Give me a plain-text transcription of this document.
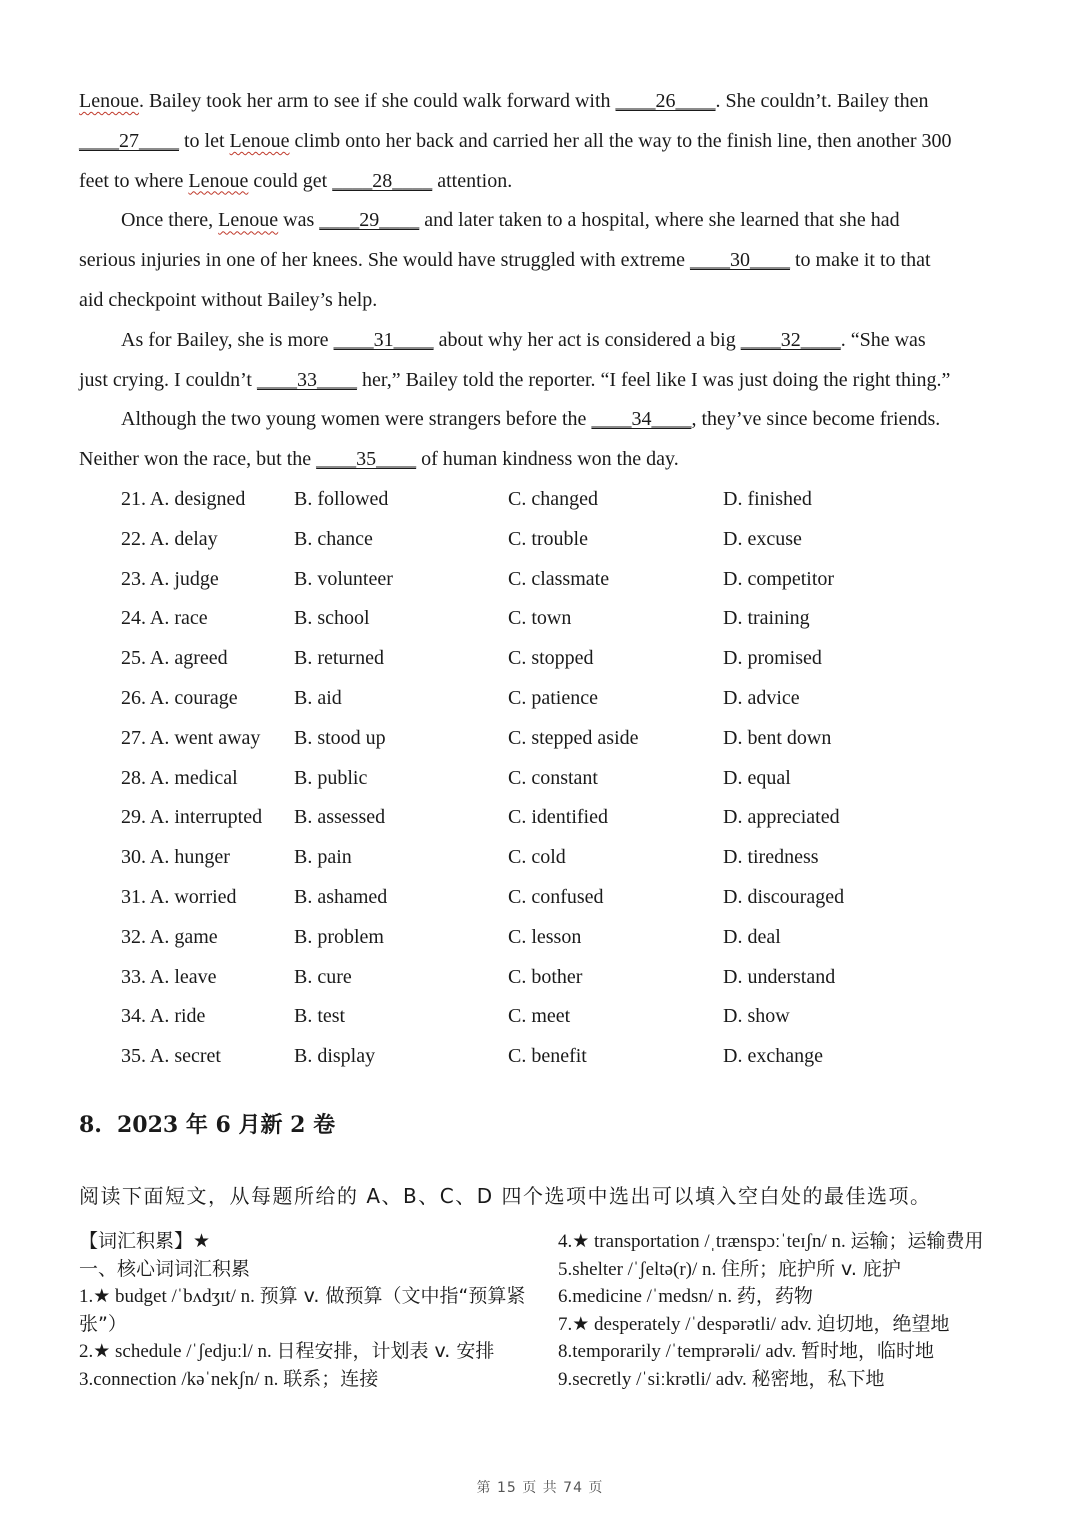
Lenoue. Bailey took her arm to see if she could walk forward with ____26____. She couldn’t. Bailey then
____27____ to let Lenoue climb onto her back and carried her all the way to the finish line, then another 300
feet to where Lenoue could get ____28____ attention.
Once there, Lenoue was ____29____ and later taken to a hospital, where she learned that she had
serious injuries in one of her knees. She would have struggled with extreme ____30____ to make it to that
aid checkpoint without Bailey’s help.
As for Bailey, she is more ____31____ about why her act is considered a big ____32____. “She was
just crying. I couldn’t ____33____ her,” Bailey told the reporter. “I feel like I was just doing the right thing.”
Although the two young women were strangers before the ____34____, they’ve since become friends.
Neither won the race, but the ____35____ of human kindness won the day.
21. A. designed B. followed	C. changed	D. finished
22. A. delay	B. chance	C. trouble	D. excuse
23. A. judge	B. volunteer	C. classmate	D. competitor
24. A. race	B. school	C. town	D. training
25. A. agreed	B. returned	C. stopped	D. promised
26. A. courage	B. aid	C. patience	D. advice
27. A. went away B. stood up	C. stepped aside	D. bent down
28. A. medical	B. public	C. constant	D. equal
29. A. interrupted B. assessed	C. identified	D. appreciated
30. A. hunger	B. pain	C. cold	D. tiredness
31. A. worried	B. ashamed	C. confused	D. discouraged
32. A. game	B. problem	C. lesson	D. deal
33. A. leave	B. cure	C. bother	D. understand
34. A. ride	B. test	C. meet	D. show
35. A. secret	B. display	C. benefit	D. exchange
8. 2023 年 6 月新 2 卷
阅读下面短文，从每题所给的 A、B、C、D 四个选项中选出可以填入空白处的最佳选项。
【词汇积累】★
一、核心词词汇积累
1.★ budget /ˈbʌdʒɪt/ n. 预算 v. 做预算（文中指“预算紧张”）
2.★ schedule /ˈʃedjuːl/ n. 日程安排，计划表 v. 安排
3.connection /kəˈnekʃn/ n. 联系；连接
4.★ transportation /ˌtrænspɔːˈteɪʃn/ n. 运输；运输费用
5.shelter /ˈʃeltə(r)/ n. 住所；庇护所 v. 庇护
6.medicine /ˈmedsn/ n. 药，药物
7.★ desperately /ˈdespərətli/ adv. 迫切地，绝望地
8.temporarily /ˈtemprərəli/ adv. 暂时地，临时地
9.secretly /ˈsiːkrətli/ adv. 秘密地，私下地
第 15 页 共 74 页
